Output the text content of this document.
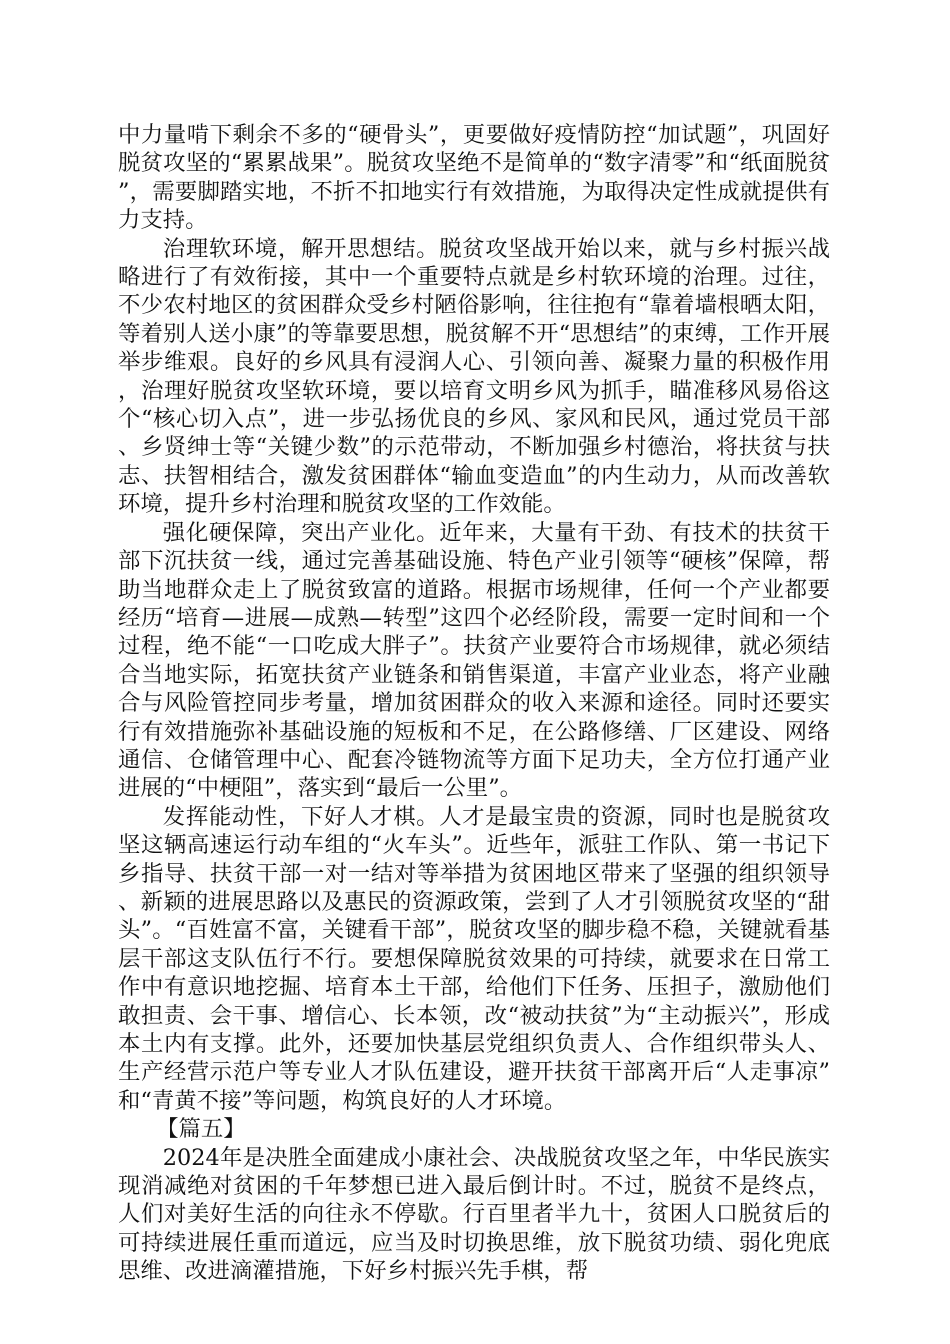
中力量啃下剩余不多的“硬骨头”，更要做好疫情防控“加试题”，巩固好脱贫攻坚的“累累战果”。脱贫攻坚绝不是简单的“数字清零”和“纸面脱贫”，需要脚踏实地，不折不扣地实行有效措施，为取得决定性成就提供有力支持。

治理软环境，解开思想结。脱贫攻坚战开始以来，就与乡村振兴战略进行了有效衔接，其中一个重要特点就是乡村软环境的治理。过往，不少农村地区的贫困群众受乡村陋俗影响，往往抱有“靠着墙根晒太阳，等着别人送小康”的等靠要思想，脱贫解不开“思想结”的束缚，工作开展举步维艰。良好的乡风具有浸润人心、引领向善、凝聚力量的积极作用，治理好脱贫攻坚软环境，要以培育文明乡风为抓手，瞄准移风易俗这个“核心切入点”，进一步弘扬优良的乡风、家风和民风，通过党员干部、乡贤绅士等“关键少数”的示范带动，不断加强乡村德治，将扶贫与扶志、扶智相结合，激发贫困群体“输血变造血”的内生动力，从而改善软环境，提升乡村治理和脱贫攻坚的工作效能。

强化硬保障，突出产业化。近年来，大量有干劲、有技术的扶贫干部下沉扶贫一线，通过完善基础设施、特色产业引领等“硬核”保障，帮助当地群众走上了脱贫致富的道路。根据市场规律，任何一个产业都要经历“培育—进展—成熟—转型”这四个必经阶段，需要一定时间和一个过程，绝不能“一口吃成大胖子”。扶贫产业要符合市场规律，就必须结合当地实际，拓宽扶贫产业链条和销售渠道，丰富产业业态，将产业融合与风险管控同步考量，增加贫困群众的收入来源和途径。同时还要实行有效措施弥补基础设施的短板和不足，在公路修缮、厂区建设、网络通信、仓储管理中心、配套冷链物流等方面下足功夫，全方位打通产业进展的“中梗阻”，落实到“最后一公里”。

发挥能动性，下好人才棋。人才是最宝贵的资源，同时也是脱贫攻坚这辆高速运行动车组的“火车头”。近些年，派驻工作队、第一书记下乡指导、扶贫干部一对一结对等举措为贫困地区带来了坚强的组织领导、新颖的进展思路以及惠民的资源政策，尝到了人才引领脱贫攻坚的“甜头”。“百姓富不富，关键看干部”，脱贫攻坚的脚步稳不稳，关键就看基层干部这支队伍行不行。要想保障脱贫效果的可持续，就要求在日常工作中有意识地挖掘、培育本土干部，给他们下任务、压担子，激励他们敢担责、会干事、增信心、长本领，改“被动扶贫”为“主动振兴”，形成本土内有支撑。此外，还要加快基层党组织负责人、合作组织带头人、生产经营示范户等专业人才队伍建设，避开扶贫干部离开后“人走事凉”和“青黄不接”等问题，构筑良好的人才环境。

【篇五】

2024年是决胜全面建成小康社会、决战脱贫攻坚之年，中华民族实现消减绝对贫困的千年梦想已进入最后倒计时。不过，脱贫不是终点，人们对美好生活的向往永不停歇。行百里者半九十，贫困人口脱贫后的可持续进展任重而道远，应当及时切换思维，放下脱贫功绩、弱化兜底思维、改进滴灌措施，下好乡村振兴先手棋，帮
